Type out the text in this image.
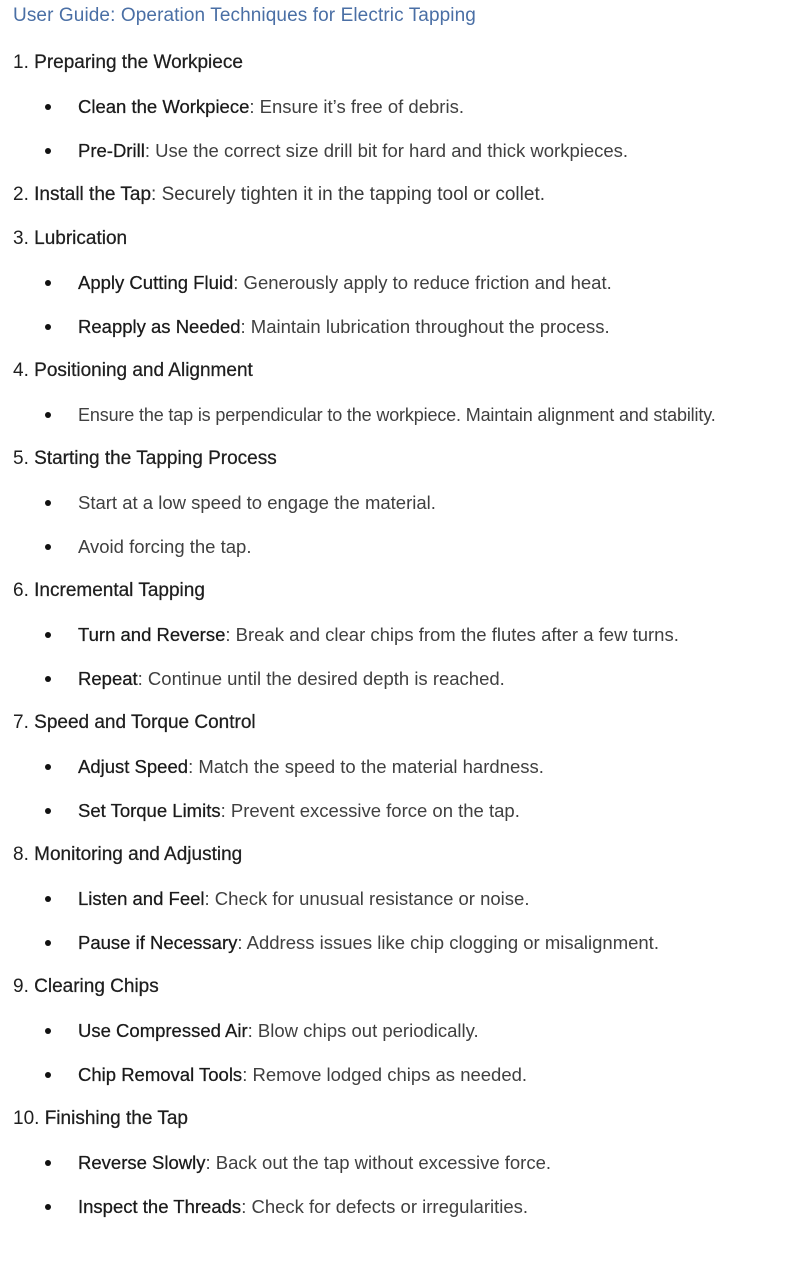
User Guide: Operation Techniques for Electric Tapping
1. Preparing the Workpiece
Clean the Workpiece: Ensure it’s free of debris.
Pre-Drill: Use the correct size drill bit for hard and thick workpieces.
2. Install the Tap: Securely tighten it in the tapping tool or collet.
3. Lubrication
Apply Cutting Fluid: Generously apply to reduce friction and heat.
Reapply as Needed: Maintain lubrication throughout the process.
4. Positioning and Alignment
Ensure the tap is perpendicular to the workpiece. Maintain alignment and stability.
5. Starting the Tapping Process
Start at a low speed to engage the material.
Avoid forcing the tap.
6. Incremental Tapping
Turn and Reverse: Break and clear chips from the flutes after a few turns.
Repeat: Continue until the desired depth is reached.
7. Speed and Torque Control
Adjust Speed: Match the speed to the material hardness.
Set Torque Limits: Prevent excessive force on the tap.
8. Monitoring and Adjusting
Listen and Feel: Check for unusual resistance or noise.
Pause if Necessary: Address issues like chip clogging or misalignment.
9. Clearing Chips
Use Compressed Air: Blow chips out periodically.
Chip Removal Tools: Remove lodged chips as needed.
10. Finishing the Tap
Reverse Slowly: Back out the tap without excessive force.
Inspect the Threads: Check for defects or irregularities.
